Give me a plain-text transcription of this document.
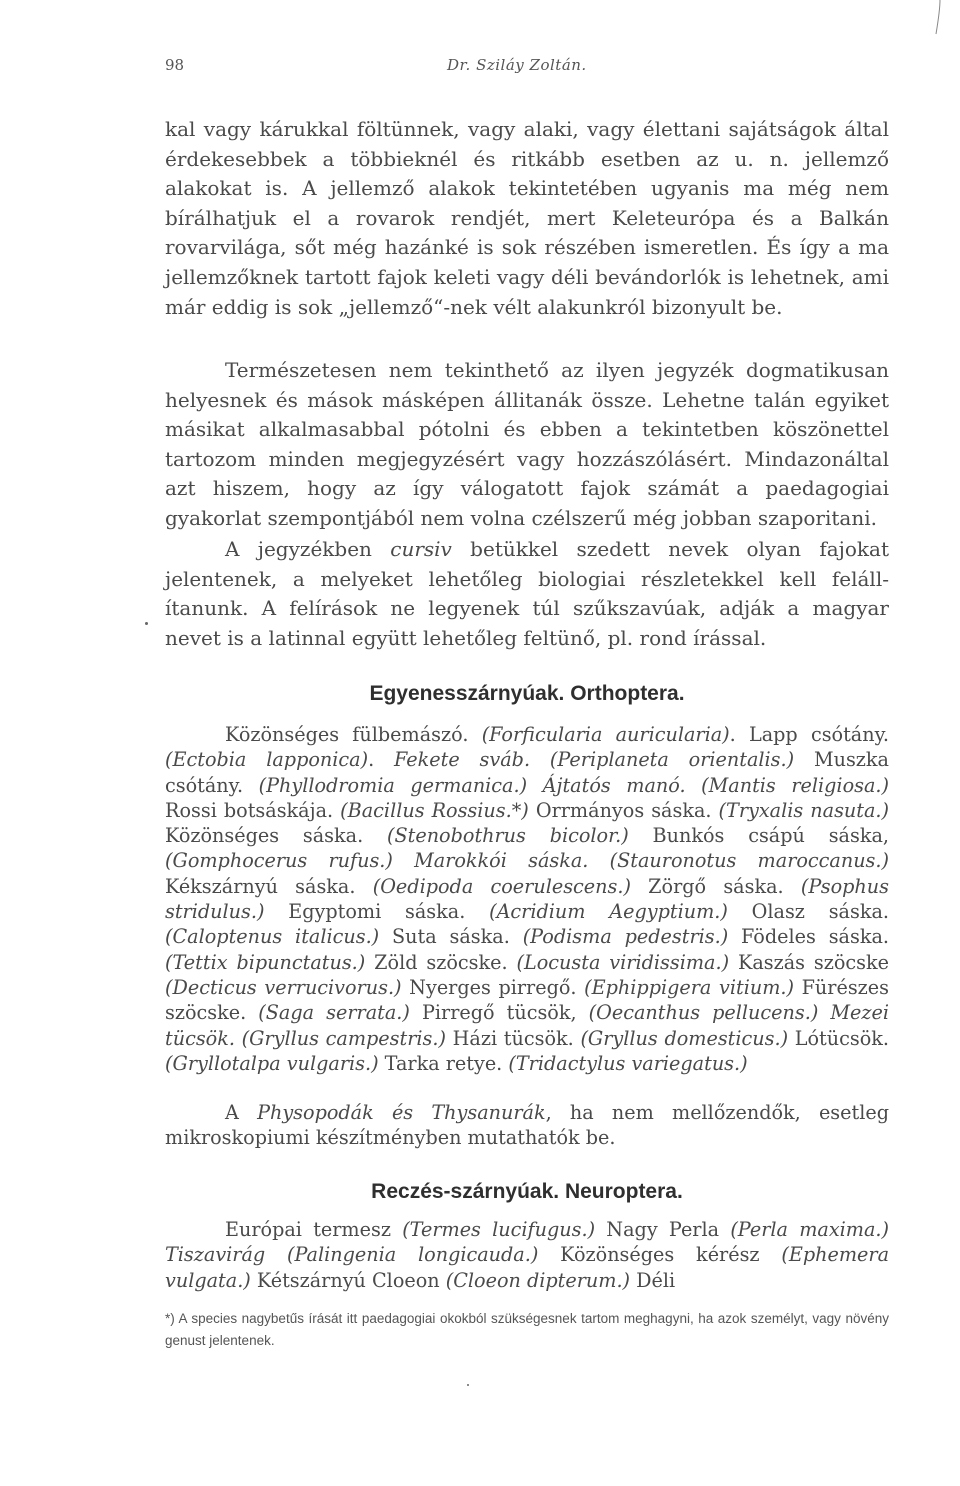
98	Dr. Sziláy Zoltán.

kal vagy kárukkal föltünnek, vagy alaki, vagy élettani sajátságok által érdekesebbek a többieknél és ritkább esetben az u. n. jellemző alakokat is. A jellemző alakok tekintetében ugyanis ma még nem bírálhatjuk el a rovarok rendjét, mert Keleteurópa és a Balkán rovarvilága, sőt még hazánké is sok részében ismeretlen. És így a ma jellemzőknek tartott fajok keleti vagy déli bevándorlók is lehetnek, ami már eddig is sok „jellemző“-nek vélt alakunkról bizonyult be.

Természetesen nem tekinthető az ilyen jegyzék dogmatikusan helyesnek és mások másképen állitanák össze. Lehetne talán egyiket másikat alkalmasabbal pótolni és ebben a tekintetben köszönettel tartozom minden megjegyzésért vagy hozzászólásért. Mindazonáltal azt hiszem, hogy az így válogatott fajok számát a paedagogiai gyakorlat szempontjából nem volna czélszerű még jobban szaporitani.

A jegyzékben cursiv betükkel szedett nevek olyan fajokat jelentenek, a melyeket lehetőleg biologiai részletekkel kell felállítanunk. A felírások ne legyenek túl szűkszavúak, adják a magyar nevet is a latinnal együtt lehetőleg feltünő, pl. rond írással.

Egyenesszárnyúak. Orthoptera.

Közönséges fülbemászó. (Forficularia auricularia). Lapp csótány. (Ectobia lapponica). Fekete sváb. (Periplaneta orientalis.) Muszka csótány. (Phyllodromia germanica.) Ájtatós manó. (Mantis religiosa.) Rossi botsáskája. (Bacillus Rossius.*) Orrmányos sáska. (Tryxalis nasuta.) Közönséges sáska. (Stenobothrus bicolor.) Bunkós csápú sáska, (Gomphocerus rufus.) Marokkói sáska. (Stauronotus maroccanus.) Kékszárnyú sáska. (Oedipoda coerulescens.) Zörgő sáska. (Psophus stridulus.) Egyptomi sáska. (Acridium Aegyptium.) Olasz sáska. (Caloptenus italicus.) Suta sáska. (Podisma pedestris.) Födeles sáska. (Tettix bipunctatus.) Zöld szöcske. (Locusta viridissima.) Kaszás szöcske (Decticus verrucivorus.) Nyerges pirregő. (Ephippigera vitium.) Fürészes szöcske. (Saga serrata.) Pirregő tücsök, (Oecanthus pellucens.) Mezei tücsök. (Gryllus campestris.) Házi tücsök. (Gryllus domesticus.) Lótücsök. (Gryllotalpa vulgaris.) Tarka retye. (Tridactylus variegatus.)

A Physopodák és Thysanurák, ha nem mellőzendők, esetleg mikroskopiumi készítményben mutathatók be.

Reczés-szárnyúak. Neuroptera.

Európai termesz (Termes lucifugus.) Nagy Perla (Perla maxima.) Tiszavirág (Palingenia longicauda.) Közönséges kérész (Ephemera vulgata.) Kétszárnyú Cloeon (Cloeon dipterum.) Déli

*) A species nagybetűs írását itt paedagogiai okokból szükségesnek tartom meghagyni, ha azok személyt, vagy növény genust jelentenek.
